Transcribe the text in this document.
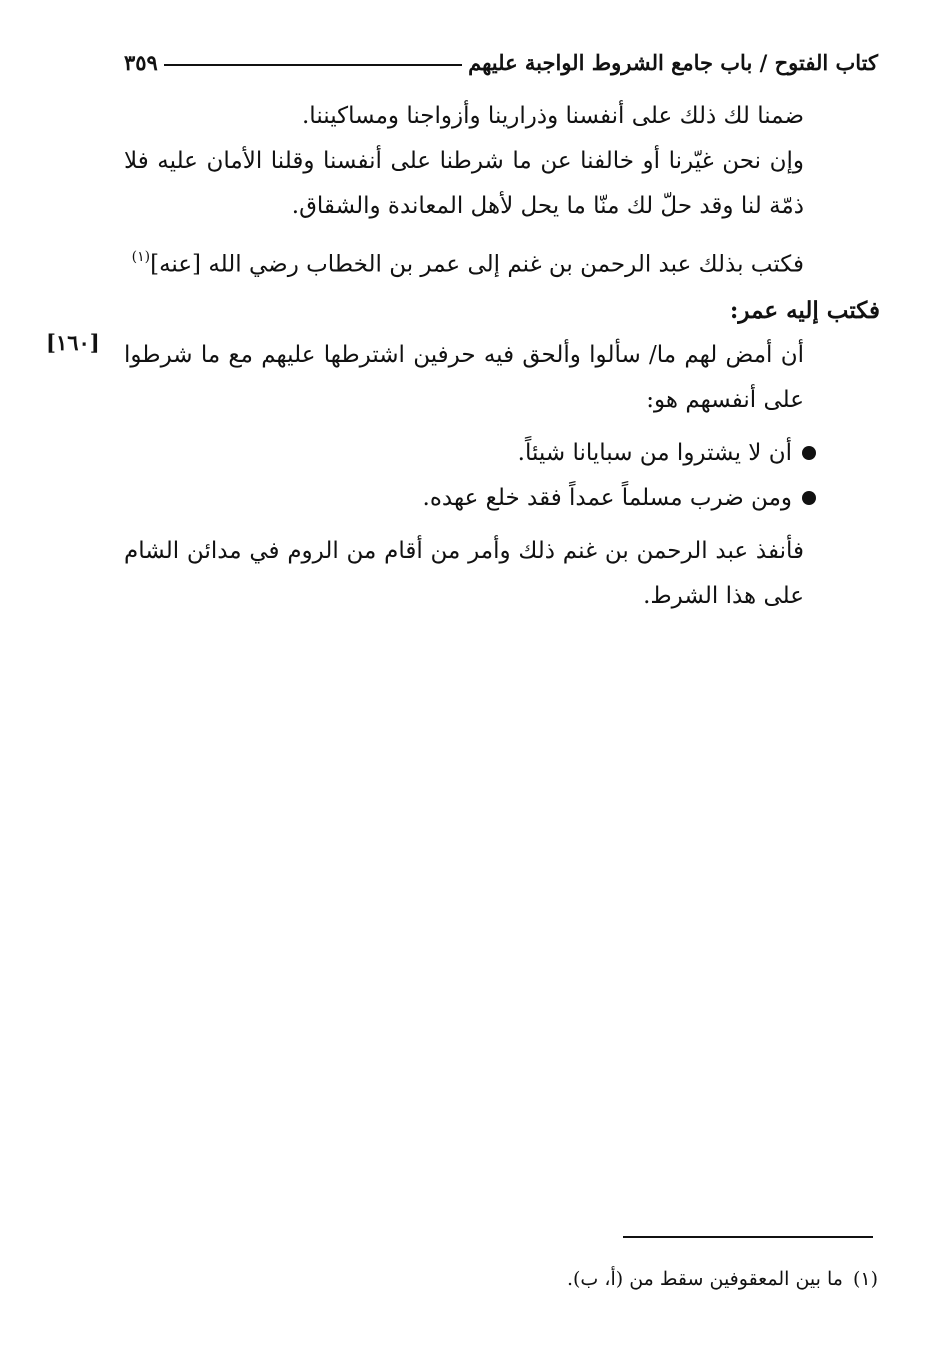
كتاب الفتوح / باب جامع الشروط الواجبة عليهم
٣٥٩
[١٦٠]

ضمنا لك ذلك على أنفسنا وذرارينا وأزواجنا ومساكيننا.

وإن نحن غيّرنا أو خالفنا عن ما شرطنا على أنفسنا وقلنا الأمان عليه فلا ذمّة لنا وقد حلّ لك منّا ما يحل لأهل المعاندة والشقاق.

فكتب بذلك عبد الرحمن بن غنم إلى عمر بن الخطاب رضي الله [عنه]$^{(١)}$

فكتب إليه عمر:

أن أمض لهم ما/ سألوا وألحق فيه حرفين اشترطها عليهم مع ما شرطوا على أنفسهم هو:

أن لا يشتروا من سبايانا شيئاً.
ومن ضرب مسلماً عمداً فقد خلع عهده.

فأنفذ عبد الرحمن بن غنم ذلك وأمر من أقام من الروم في مدائن الشام على هذا الشرط.

(١)ما بين المعقوفين سقط من (أ، ب).
